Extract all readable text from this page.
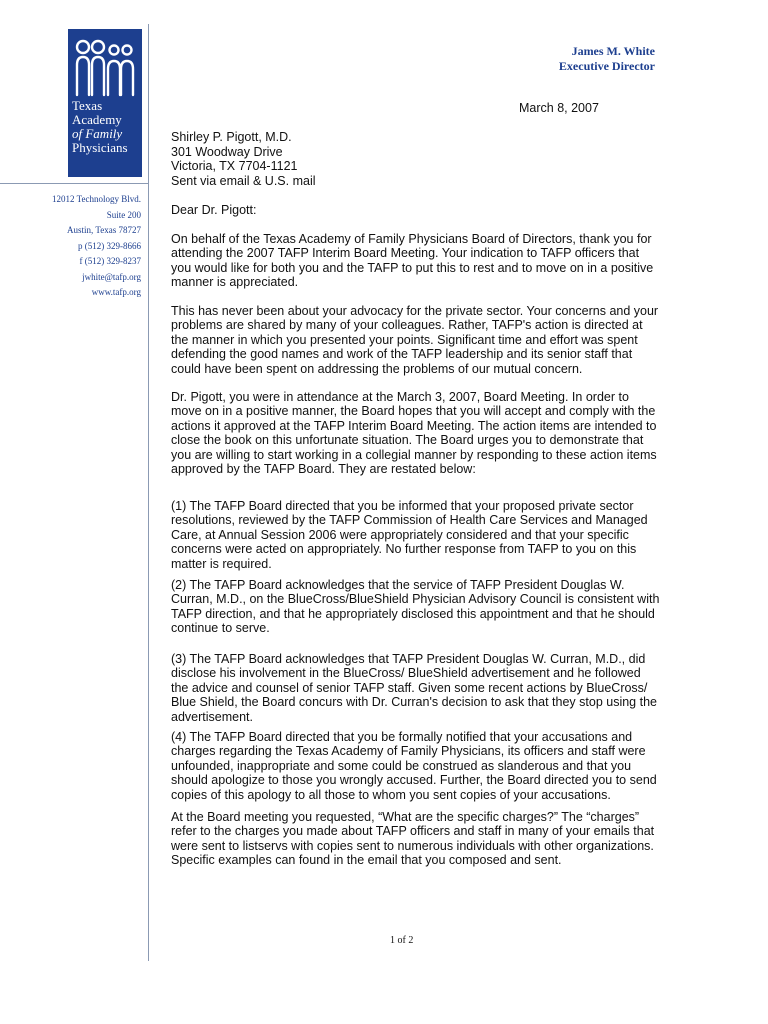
Texas
Academy
of Family
Physicians
12012 Technology Blvd.
Suite 200
Austin, Texas 78727
p (512) 329-8666
f (512) 329-8237
jwhite@tafp.org
www.tafp.org
James M. White
Executive Director
March 8, 2007
Shirley P. Pigott, M.D.
301 Woodway Drive
Victoria, TX 7704-1121
Sent via email & U.S. mail
Dear Dr. Pigott:
On behalf of the Texas Academy of Family Physicians Board of Directors, thank you for attending the 2007 TAFP Interim Board Meeting. Your indication to TAFP officers that you would like for both you and the TAFP to put this to rest and to move on in a positive manner is appreciated.
This has never been about your advocacy for the private sector. Your concerns and your problems are shared by many of your colleagues. Rather, TAFP's action is directed at the manner in which you presented your points. Significant time and effort was spent defending the good names and work of the TAFP leadership and its senior staff that could have been spent on addressing the problems of our mutual concern.
Dr. Pigott, you were in attendance at the March 3, 2007, Board Meeting. In order to move on in a positive manner, the Board hopes that you will accept and comply with the actions it approved at the TAFP Interim Board Meeting. The action items are intended to close the book on this unfortunate situation. The Board urges you to demonstrate that you are willing to start working in a collegial manner by responding to these action items approved by the TAFP Board. They are restated below:
(1) The TAFP Board directed that you be informed that your proposed private sector resolutions, reviewed by the TAFP Commission of Health Care Services and Managed Care, at Annual Session 2006 were appropriately considered and that your specific concerns were acted on appropriately. No further response from TAFP to you on this matter is required.
(2) The TAFP Board acknowledges that the service of TAFP President Douglas W. Curran, M.D., on the BlueCross/BlueShield Physician Advisory Council is consistent with TAFP direction, and that he appropriately disclosed this appointment and that he should continue to serve.
(3) The TAFP Board acknowledges that TAFP President Douglas W. Curran, M.D., did disclose his involvement in the BlueCross/ BlueShield advertisement and he followed the advice and counsel of senior TAFP staff. Given some recent actions by BlueCross/ Blue Shield, the Board concurs with Dr. Curran's decision to ask that they stop using the advertisement.
(4) The TAFP Board directed that you be formally notified that your accusations and charges regarding the Texas Academy of Family Physicians, its officers and staff were unfounded, inappropriate and some could be construed as slanderous and that you should apologize to those you wrongly accused. Further, the Board directed you to send copies of this apology to all those to whom you sent copies of your accusations.
At the Board meeting you requested, “What are the specific charges?” The “charges” refer to the charges you made about TAFP officers and staff in many of your emails that were sent to listservs with copies sent to numerous individuals with other organizations. Specific examples can found in the email that you composed and sent.
1 of 2
